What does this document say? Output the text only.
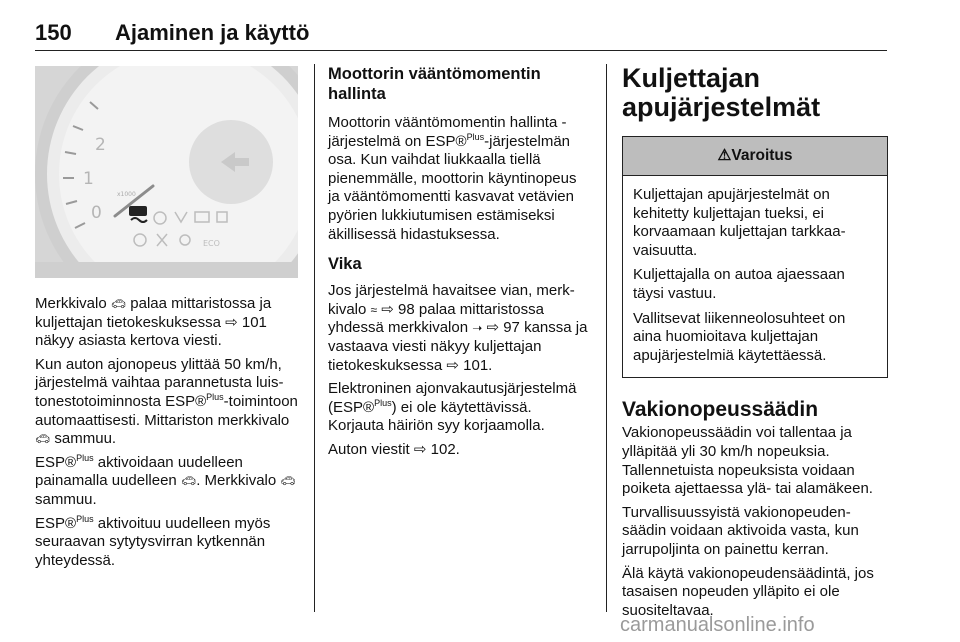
150 Ajaminen ja käyttö
2
1
0
x1000
ECO

Merkkivalo 🚗︎ palaa mittaristossa ja kuljettajan tietokeskuksessa ⇨ 101 näkyy asiasta kertova viesti.

Kun auton ajonopeus ylittää 50 km/h, järjestelmä vaihtaa parannetusta luistonestotoiminnosta ESP®$^{Plus}$-toimintoon automaattisesti. Mittariston merkkivalo 🚗︎ sammuu.

ESP®$^{Plus}$ aktivoidaan uudelleen painamalla uudelleen 🚗︎. Merkkivalo 🚗︎ sammuu.

ESP®$^{Plus}$ aktivoituu uudelleen myös seuraavan sytytysvirran kytkennän yhteydessä.

Moottorin vääntömomentin hallinta

Moottorin vääntömomentin hallinta -järjestelmä on ESP®$^{Plus}$-järjestelmän osa. Kun vaihdat liukkaalla tiellä pienemmälle, moottorin käyntinopeus ja vääntömomentti kasvavat vetävien pyörien lukkiutumisen estämiseksi äkillisessä hidastuksessa.

Vika

Jos järjestelmä havaitsee vian, merkkivalo ≈ ⇨ 98 palaa mittaristossa yhdessä merkkivalon ➝ ⇨ 97 kanssa ja vastaava viesti näkyy kuljettajan tietokeskuksessa ⇨ 101.

Elektroninen ajonvakautusjärjestelmä (ESP®$^{Plus}$) ei ole käytettävissä. Korjauta häiriön syy korjaamolla.

Auton viestit ⇨ 102.

Kuljettajan apujärjestelmät
⚠Varoitus

Kuljettajan apujärjestelmät on kehitetty kuljettajan tueksi, ei korvaamaan kuljettajan tarkkaavaisuutta.

Kuljettajalla on autoa ajaessaan täysi vastuu.

Vallitsevat liikenneolosuhteet on aina huomioitava kuljettajan apujärjestelmiä käytettäessä.

Vakionopeussäädin

Vakionopeussäädin voi tallentaa ja ylläpitää yli 30 km/h nopeuksia. Tallennetuista nopeuksista voidaan poiketa ajettaessa ylä- tai alamäkeen.

Turvallisuussyistä vakionopeudensäädin voidaan aktivoida vasta, kun jarrupoljinta on painettu kerran.

Älä käytä vakionopeudensäädintä, jos tasaisen nopeuden ylläpito ei ole suositeltavaa.

carmanualsonline.info
